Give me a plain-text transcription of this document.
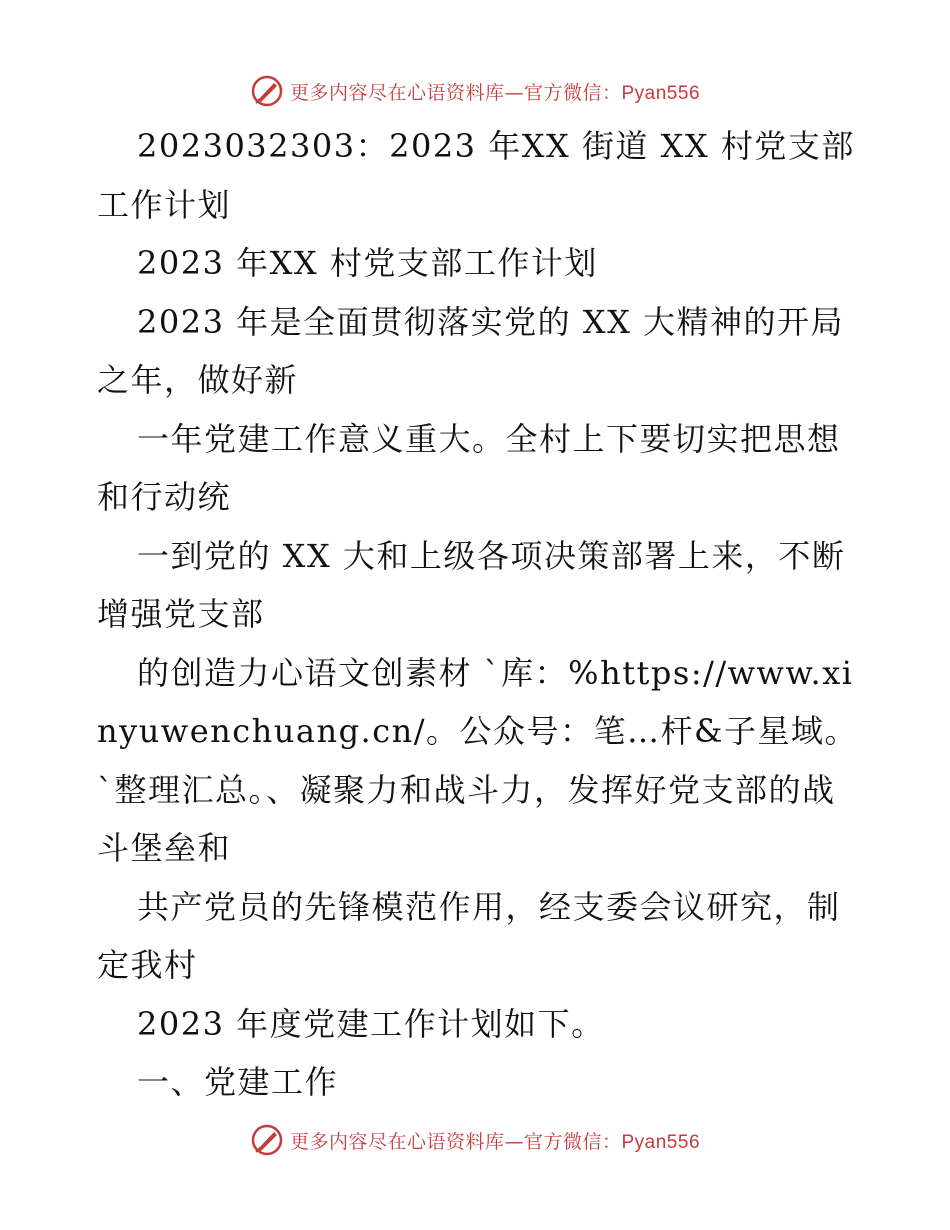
更多内容尽在心语资料库—官方微信：Pyan556

2023032303：2023 年XX 街道 XX 村党支部工作计划

2023 年XX 村党支部工作计划

2023 年是全面贯彻落实党的 XX 大精神的开局之年，做好新

一年党建工作意义重大。全村上下要切实把思想和行动统

一到党的 XX 大和上级各项决策部署上来，不断增强党支部

的创造力心语文创素材 `库：%https://www.xinyuwenchuang.cn/。公众号：笔…杆&子星域。`整理汇总。、凝聚力和战斗力，发挥好党支部的战斗堡垒和

共产党员的先锋模范作用，经支委会议研究，制定我村

2023 年度党建工作计划如下。

一、党建工作

更多内容尽在心语资料库—官方微信：Pyan556
